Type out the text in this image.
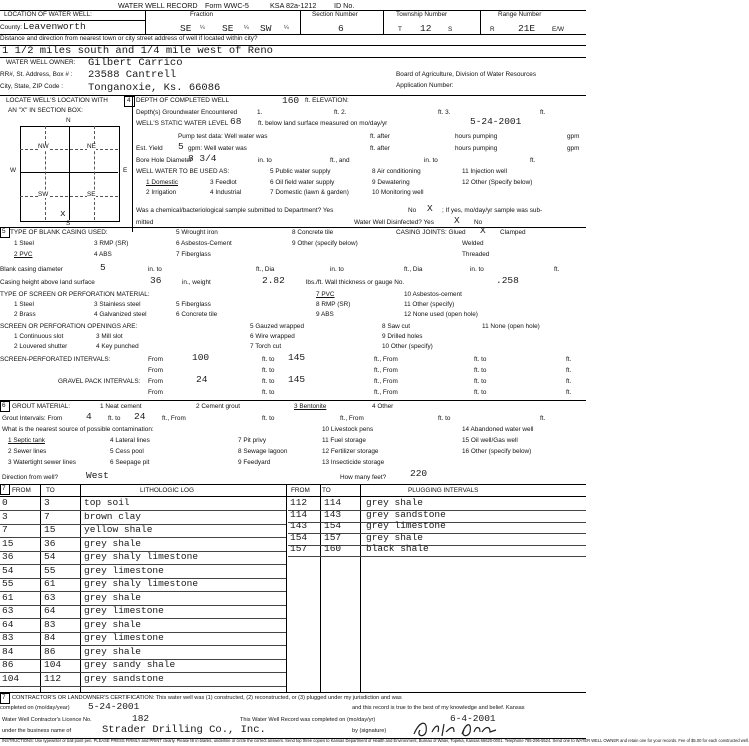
WATER WELL RECORD Form WWC-5	KSA 82a-1212 ID No.
LOCATION OF WATER WELL:	Fraction	Section Number	Township Number	Range Number
County: Leavenworth	SE ¼ SE ¼ SW ¼	6	T 12	S	R 21E	E/W
Distance and direction from nearest town or city street address of well if located within city?
1 1/2 miles south and 1/4 mile west of Reno
WATER WELL OWNER: Gilbert Carrico
RR#, St. Address, Box # : 23588 Cantrell
City, State, ZIP Code : Tonganoxie, Ks. 66086
Board of Agriculture, Division of Water Resources
Application Number:
LOCATE WELL'S LOCATION WITH	4
AN "X" IN SECTION BOX:
N
S
W	E
NW	NE
SW	SE
x
DEPTH OF COMPLETED WELL	160 ft. ELEVATION:
Depth(s) Groundwater Encountered	1.	ft. 2.	ft. 3.	ft.
WELL'S STATIC WATER LEVEL 68	ft. below land surface measured on mo/day/yr	5-24-2001
Pump test data: Well water was	ft. after	hours pumping	gpm
Est. Yield 5 gpm: Well water was	ft. after	hours pumping	gpm
Bore Hole Diameter
8 3/4	in. to	ft., and	in. to	ft.
WELL WATER TO BE USED AS:
1 Domestic
2 Irrigation
3 Feedlot
4 Industrial
5 Public water supply
6 Oil field water supply
7 Domestic (lawn & garden)
8 Air conditioning
9 Dewatering
10 Monitoring well
11 Injection well
12 Other (Specify below)
Was a chemical/bacteriological sample submitted to Department? Yes	No X ; If yes, mo/day/yr sample was sub-
mitted	Water Well Disinfected? Yes X No
5 TYPE OF BLANK CASING USED:
1 Steel
2 PVC
3 RMP (SR)
4 ABS
5 Wrought iron
6 Asbestos-Cement
7 Fiberglass
8 Concrete tile
9 Other (specify below)
CASING JOINTS: Glued X Clamped
Welded
Threaded
Blank casing diameter	5	in. to	ft., Dia	in. to	ft., Dia	in. to	ft.
Casing height above land surface	36	in., weight	2.82	lbs./ft. Wall thickness or gauge No.	.258
TYPE OF SCREEN OR PERFORATION MATERIAL:
1 Steel
2 Brass
3 Stainless steel
4 Galvanized steel
5 Fiberglass
6 Concrete tile
7 PVC
8 RMP (SR)
9 ABS
10 Asbestos-cement
11 Other (specify)
12 None used (open hole)
SCREEN OR PERFORATION OPENINGS ARE:
1 Continuous slot
2 Louvered shutter
3 Mill slot
4 Key punched
5 Gauzed wrapped
6 Wire wrapped
7 Torch cut
8 Saw cut
9 Drilled holes
10 Other (specify)
11 None (open hole)
SCREEN-PERFORATED INTERVALS:	From	100	ft. to 145	ft., From	ft. to	ft.
From	ft. to	ft., From	ft. to	ft.
GRAVEL PACK INTERVALS: From	24	ft. to 145	ft., From	ft. to	ft.
From	ft. to	ft., From	ft. to	ft.
6 GROUT MATERIAL:	1 Neat cement	2 Cement grout	3 Bentonite	4 Other
Grout Intervals: From 4	ft. to 24	ft., From	ft. to	ft., From	ft. to	ft.
What is the nearest source of possible contamination:
1 Septic tank
2 Sewer lines
3 Watertight sewer lines
4 Lateral lines
5 Cess pool
6 Seepage pit
7 Pit privy
8 Sewage lagoon
9 Feedyard
10 Livestock pens
11 Fuel storage
12 Fertilizer storage
13 Insecticide storage
14 Abandoned water well
15 Oil well/Gas well
16 Other (specify below)
Direction from well?	West	How many feet?	220
7 FROM TO	LITHOLOGIC LOG	FROM TO	PLUGGING INTERVALS
0	3	top soil
3	7	brown clay
7	15	yellow shale
15	36	grey shale
36	54	grey shaly limestone
54	55	grey limestone
55	61	grey shaly limestone
61	63	grey shale
63	64	grey limestone
64	83	grey shale
83	84	grey limestone
84	86	grey shale
86	104 grey sandy shale
104	112 grey sandstone
112 114	grey shale
114 143	grey sandstone
143 154	grey limestone
154 157	grey shale
157 160	black shale
7 CONTRACTOR'S OR LANDOWNER'S CERTIFICATION: This water well was (1) constructed, (2) reconstructed, or (3) plugged under my jurisdiction and was
completed on (mo/day/year) 5-24-2001	and this record is true to the best of my knowledge and belief. Kansas
Water Well Contractor's Licence No.	182	This Water Well Record was completed on (mo/day/yr)	6-4-2001
under the business name of	Strader Drilling Co., Inc.	by (signature)
INSTRUCTIONS: Use typewriter or ball point pen. PLEASE PRESS FIRMLY and PRINT clearly. Please fill in blanks, underline or circle the correct answers. Send top three copies to Kansas Department of Health and Environment, Bureau of Water, Topeka, Kansas 66620-0001. Telephone 785-296-5524. Send one to WATER WELL OWNER and retain one for your records. Fee of $5.00 for each constructed well.
